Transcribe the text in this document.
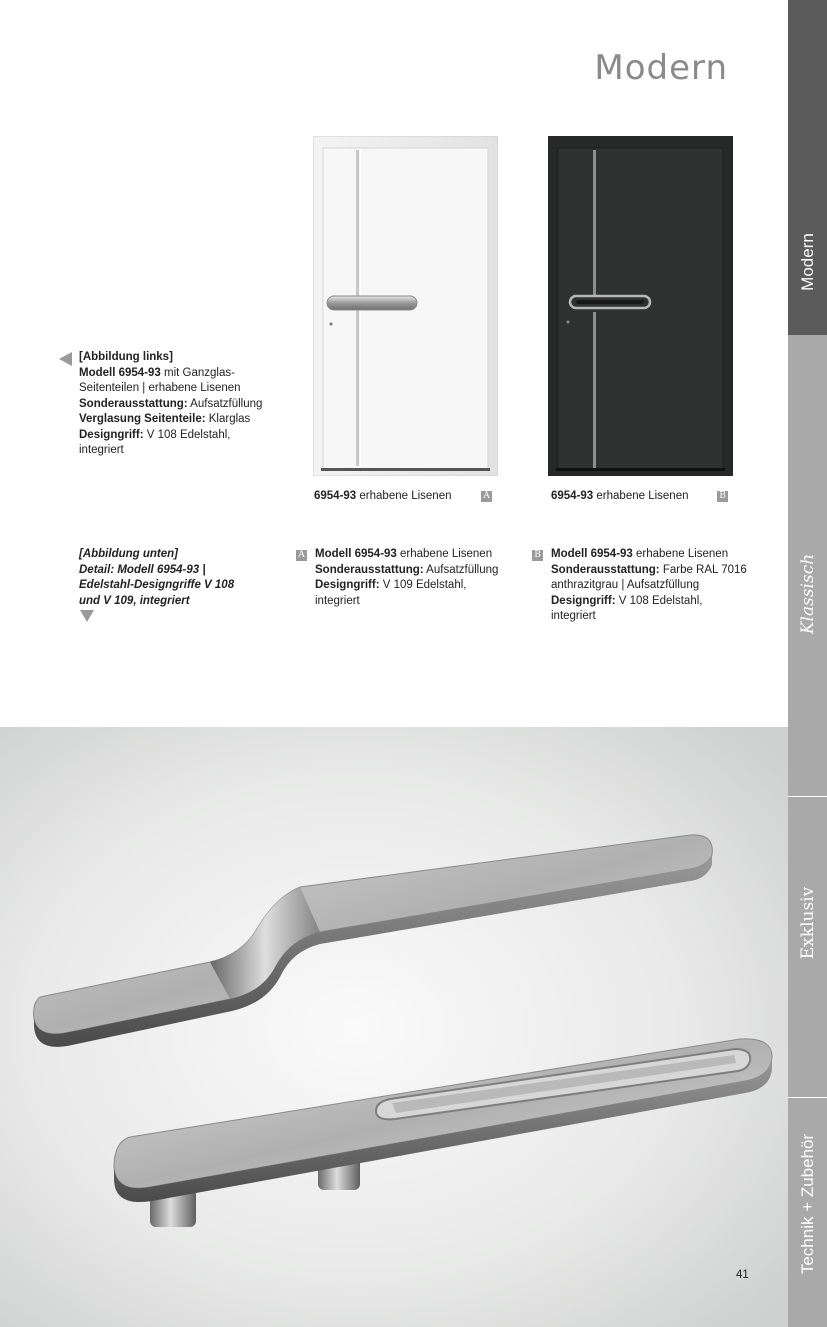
Modern
Modern
Klassisch
Exklusiv
Technik + Zubehör
[Abbildung links]
Modell 6954-93 mit Ganzglas-
Seitenteilen | erhabene Lisenen
Sonderausstattung: Aufsatzfüllung
Verglasung Seitenteile: Klarglas
Designgriff: V 108 Edelstahl,
integriert
6954-93 erhabene Lisenen	A	6954-93 erhabene Lisenen	B
[Abbildung unten]
Detail: Modell 6954-93 |
Edelstahl-Designgriffe V 108
und V 109, integriert
A Modell 6954-93 erhabene Lisenen
Sonderausstattung: Aufsatzfüllung
Designgriff: V 109 Edelstahl,
integriert
B Modell 6954-93 erhabene Lisenen
Sonderausstattung: Farbe RAL 7016
anthrazitgrau | Aufsatzfüllung
Designgriff: V 108 Edelstahl,
integriert
41
